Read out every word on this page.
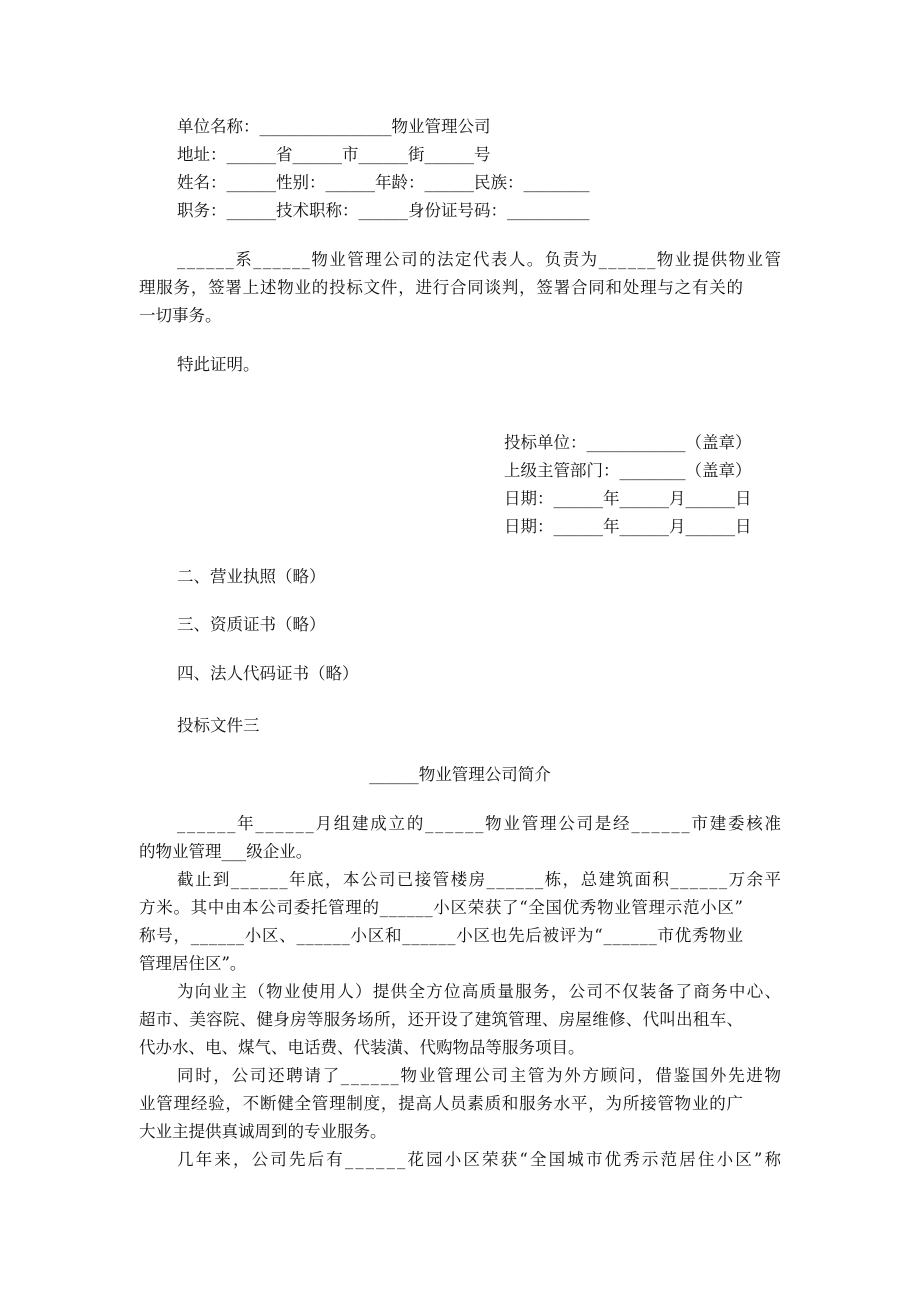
单位名称：________________物业管理公司
地址：______省______市______街______号
姓名：______性别：______年龄：______民族：________
职务：______技术职称：______身份证号码：__________
______系______物业管理公司的法定代表人。负责为______物业提供物业管
理服务，签署上述物业的投标文件，进行合同谈判，签署合同和处理与之有关的
一切事务。
特此证明。
投标单位：____________（盖章）
上级主管部门：________（盖章）
日期：______年______月______日
日期：______年______月______日
二、营业执照（略）
三、资质证书（略）
四、法人代码证书（略）
投标文件三
______物业管理公司简介
______年______月组建成立的______物业管理公司是经______市建委核准
的物业管理___级企业。
截止到______年底，本公司已接管楼房______栋，总建筑面积______万余平
方米。其中由本公司委托管理的______小区荣获了“全国优秀物业管理示范小区”
称号，______小区、______小区和______小区也先后被评为“______市优秀物业
管理居住区”。
为向业主（物业使用人）提供全方位高质量服务，公司不仅装备了商务中心、
超市、美容院、健身房等服务场所，还开设了建筑管理、房屋维修、代叫出租车、
代办水、电、煤气、电话费、代装潢、代购物品等服务项目。
同时，公司还聘请了______物业管理公司主管为外方顾问，借鉴国外先进物
业管理经验，不断健全管理制度，提高人员素质和服务水平，为所接管物业的广
大业主提供真诚周到的专业服务。
几年来，公司先后有______花园小区荣获“全国城市优秀示范居住小区”称
